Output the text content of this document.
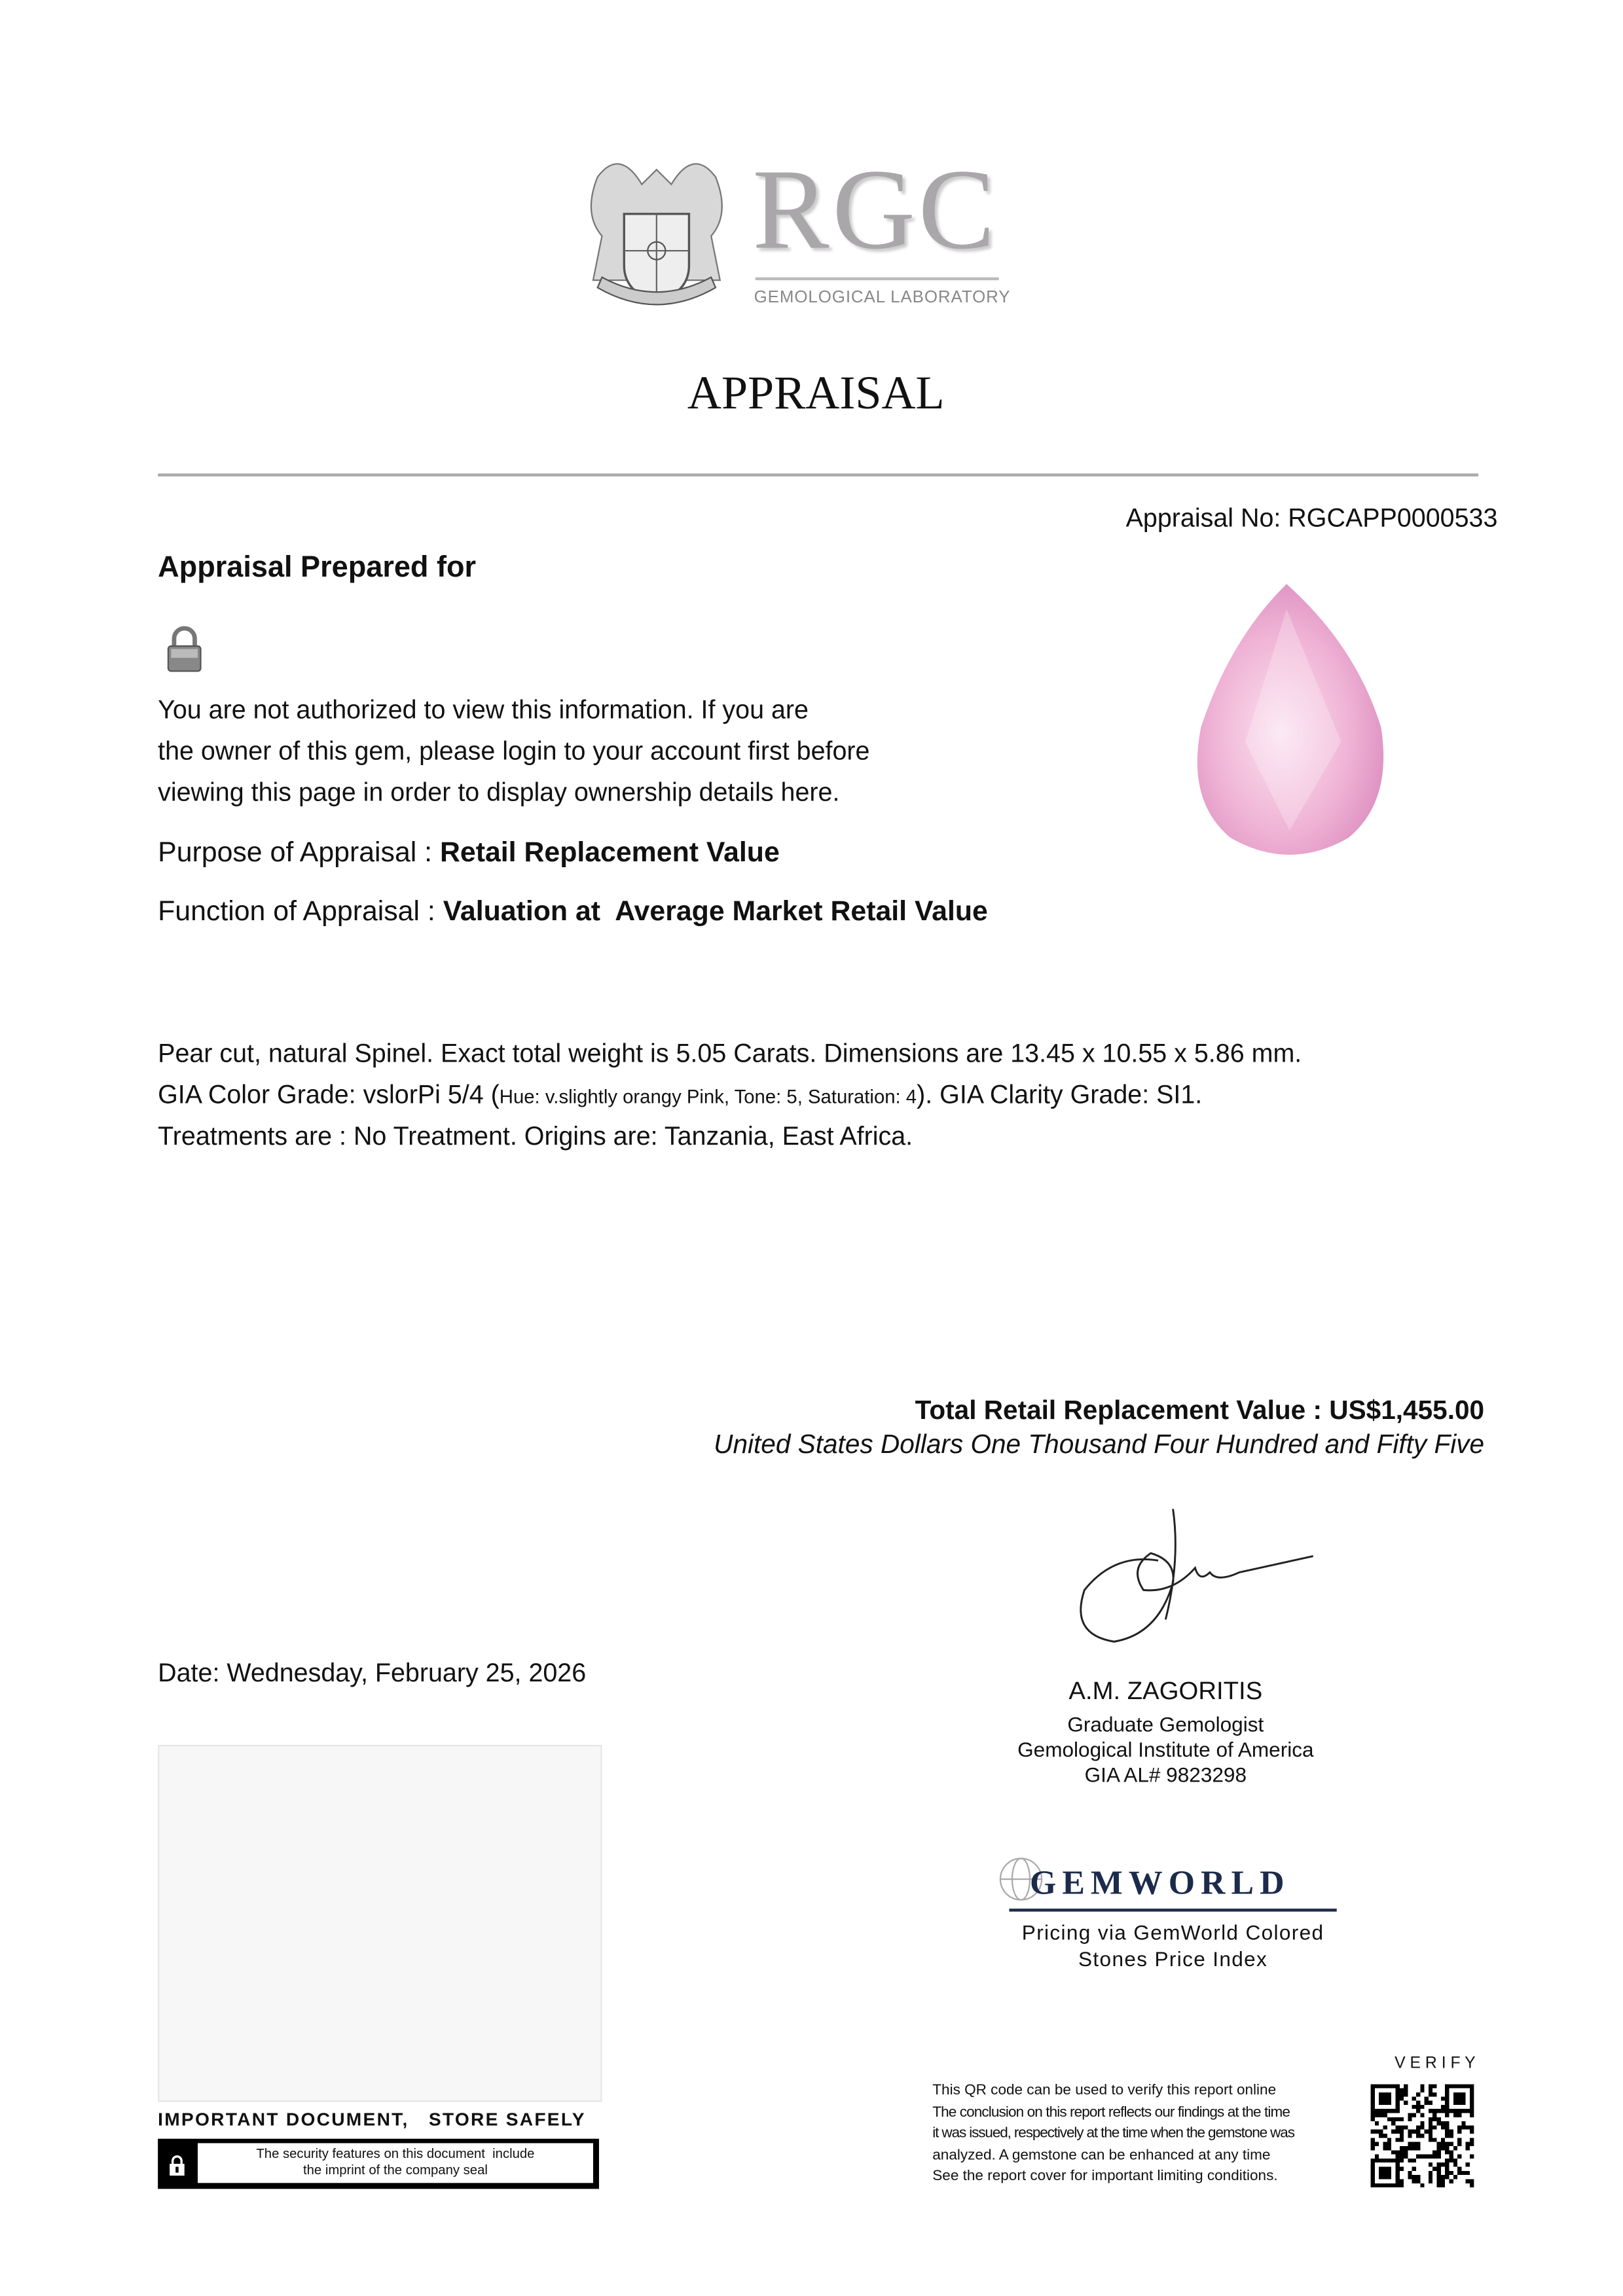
RGC
GEMOLOGICAL LABORATORY
APPRAISAL
Appraisal No: RGCAPP0000533
Appraisal Prepared for
You are not authorized to view this information. If you are
the owner of this gem, please login to your account first before
viewing this page in order to display ownership details here.
Purpose of Appraisal : Retail Replacement Value
Function of Appraisal : Valuation at  Average Market Retail Value
Pear cut, natural Spinel. Exact total weight is 5.05 Carats. Dimensions are 13.45 x 10.55 x 5.86 mm.
GIA Color Grade: vslorPi 5/4 (Hue: v.slightly orangy Pink, Tone: 5, Saturation: 4). GIA Clarity Grade: SI1.
Treatments are : No Treatment. Origins are: Tanzania, East Africa.
Total Retail Replacement Value : US$1,455.00
United States Dollars One Thousand Four Hundred and Fifty Five
Date: Wednesday, February 25, 2026
A.M. ZAGORITIS
Graduate Gemologist
Gemological Institute of America
GIA AL# 9823298
GEMWORLD
Pricing via GemWorld Colored
Stones Price Index
V E R I F Y
This QR code can be used to verify this report online
The conclusion on this report reflects our findings at the time
it was issued, respectively at the time when the gemstone was
analyzed. A gemstone can be enhanced at any time
See the report cover for important limiting conditions.
IMPORTANT DOCUMENT,   STORE SAFELY
The security features on this document  include
the imprint of the company seal
